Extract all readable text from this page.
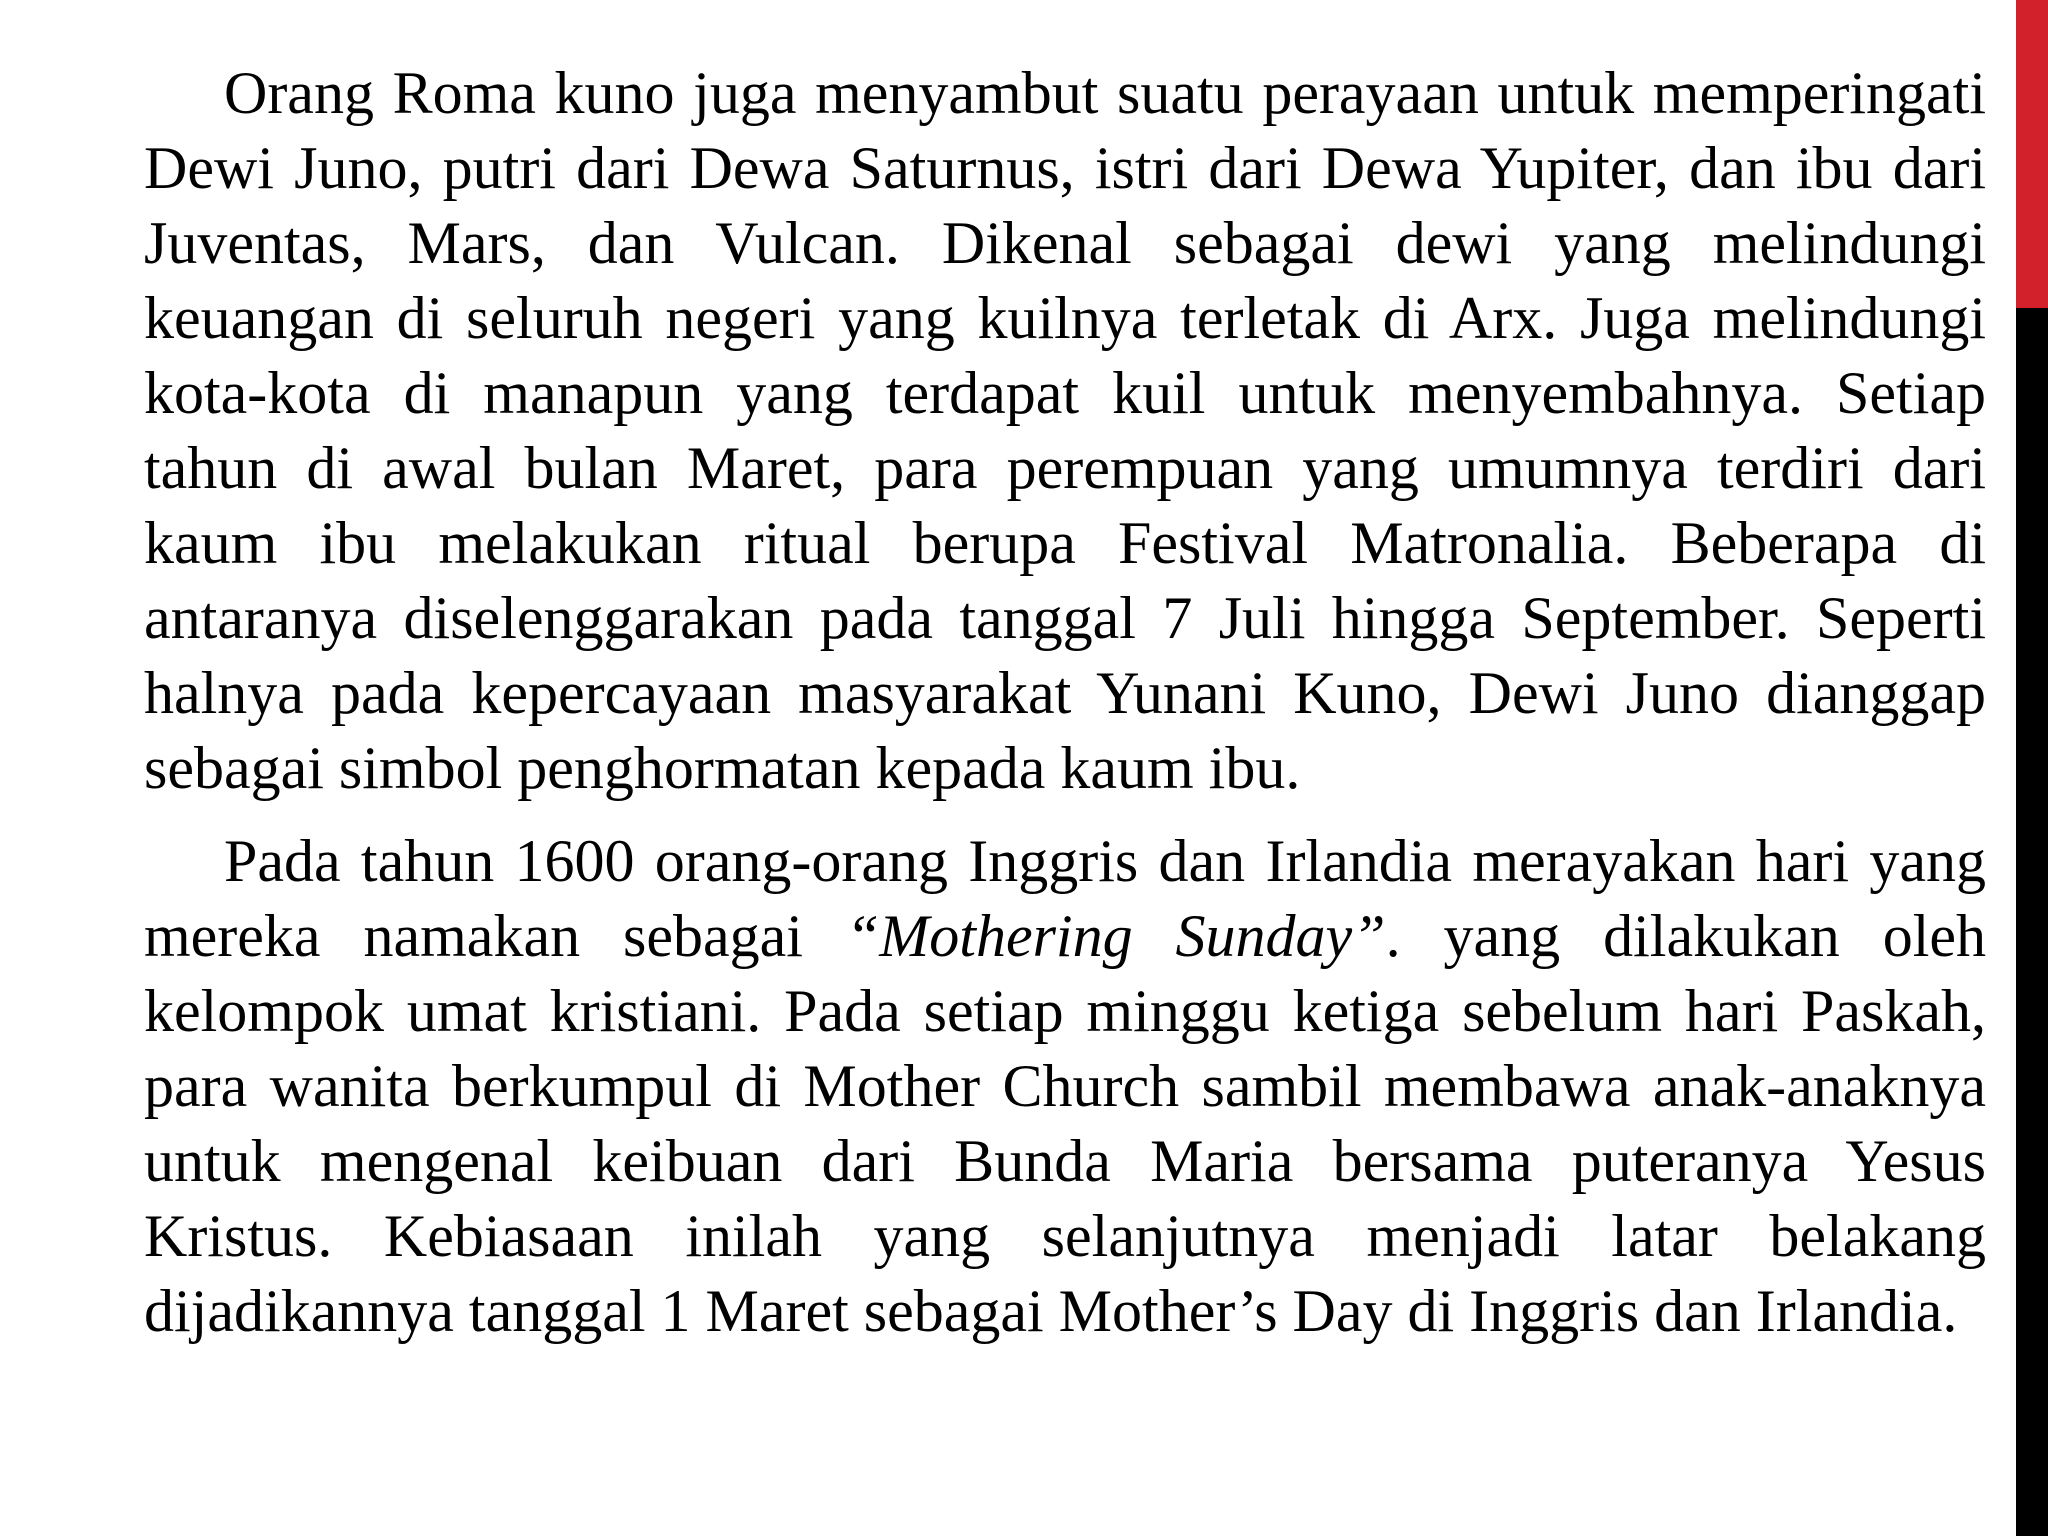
Orang Roma kuno juga menyambut suatu perayaan untuk memperingati Dewi Juno, putri dari Dewa Saturnus, istri dari Dewa Yupiter, dan ibu dari Juventas, Mars, dan Vulcan. Dikenal sebagai dewi yang melindungi keuangan di seluruh negeri yang kuilnya terletak di Arx. Juga melindungi kota-kota di manapun yang terdapat kuil untuk menyembahnya. Setiap tahun di awal bulan Maret, para perempuan yang umumnya terdiri dari kaum ibu melakukan ritual berupa Festival Matronalia. Beberapa di antaranya diselenggarakan pada tanggal 7 Juli hingga September. Seperti halnya pada kepercayaan masyarakat Yunani Kuno, Dewi Juno dianggap sebagai simbol penghormatan kepada kaum ibu.

Pada tahun 1600 orang-orang Inggris dan Irlandia merayakan hari yang mereka namakan sebagai “Mothering Sunday”. yang dilakukan oleh kelompok umat kristiani. Pada setiap minggu ketiga sebelum hari Paskah, para wanita berkumpul di Mother Church sambil membawa anak-anaknya untuk mengenal keibuan dari Bunda Maria bersama puteranya Yesus Kristus. Kebiasaan inilah yang selanjutnya menjadi latar belakang dijadikannya tanggal 1 Maret sebagai Mother’s Day di Inggris dan Irlandia.
